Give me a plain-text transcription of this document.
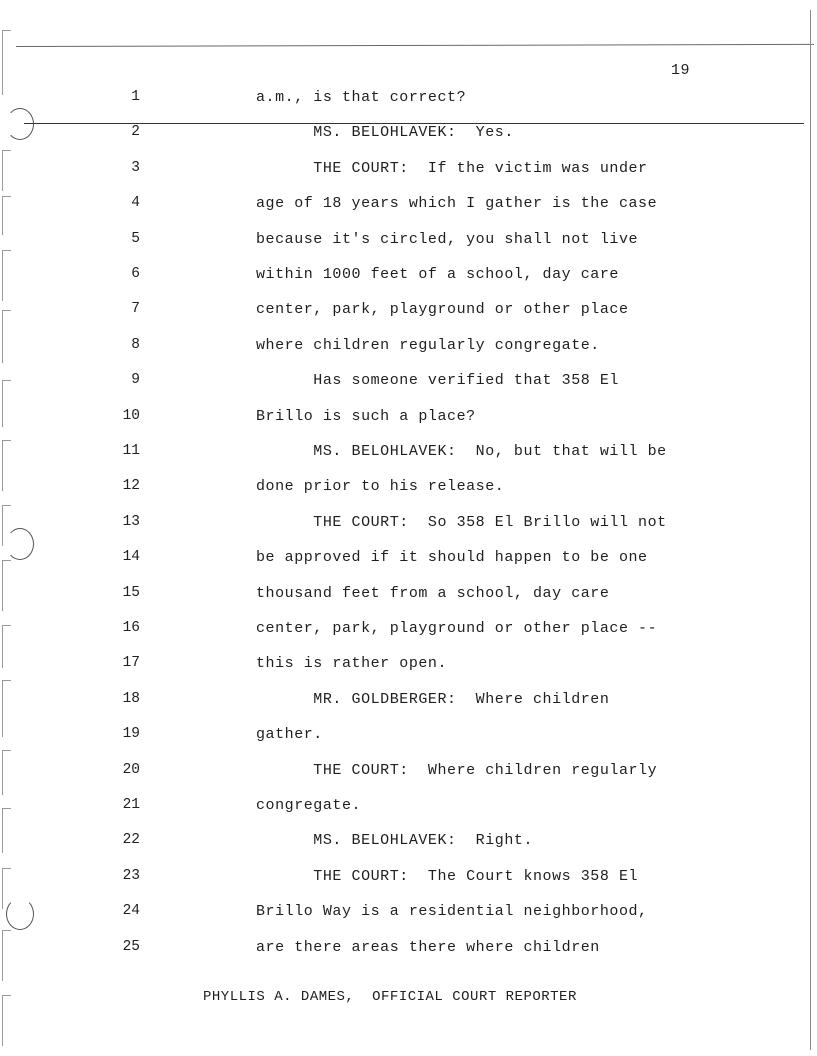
19
1	a.m., is that correct?
2	MS. BELOHLAVEK:  Yes.
3	THE COURT:  If the victim was under
4	age of 18 years which I gather is the case
5	because it's circled, you shall not live
6	within 1000 feet of a school, day care
7	center, park, playground or other place
8	where children regularly congregate.
9	Has someone verified that 358 El
10	Brillo is such a place?
11	MS. BELOHLAVEK:  No, but that will be
12	done prior to his release.
13	THE COURT:  So 358 El Brillo will not
14	be approved if it should happen to be one
15	thousand feet from a school, day care
16	center, park, playground or other place --
17	this is rather open.
18	MR. GOLDBERGER:  Where children
19	gather.
20	THE COURT:  Where children regularly
21	congregate.
22	MS. BELOHLAVEK:  Right.
23	THE COURT:  The Court knows 358 El
24	Brillo Way is a residential neighborhood,
25	are there areas there where children
PHYLLIS A. DAMES,  OFFICIAL COURT REPORTER
